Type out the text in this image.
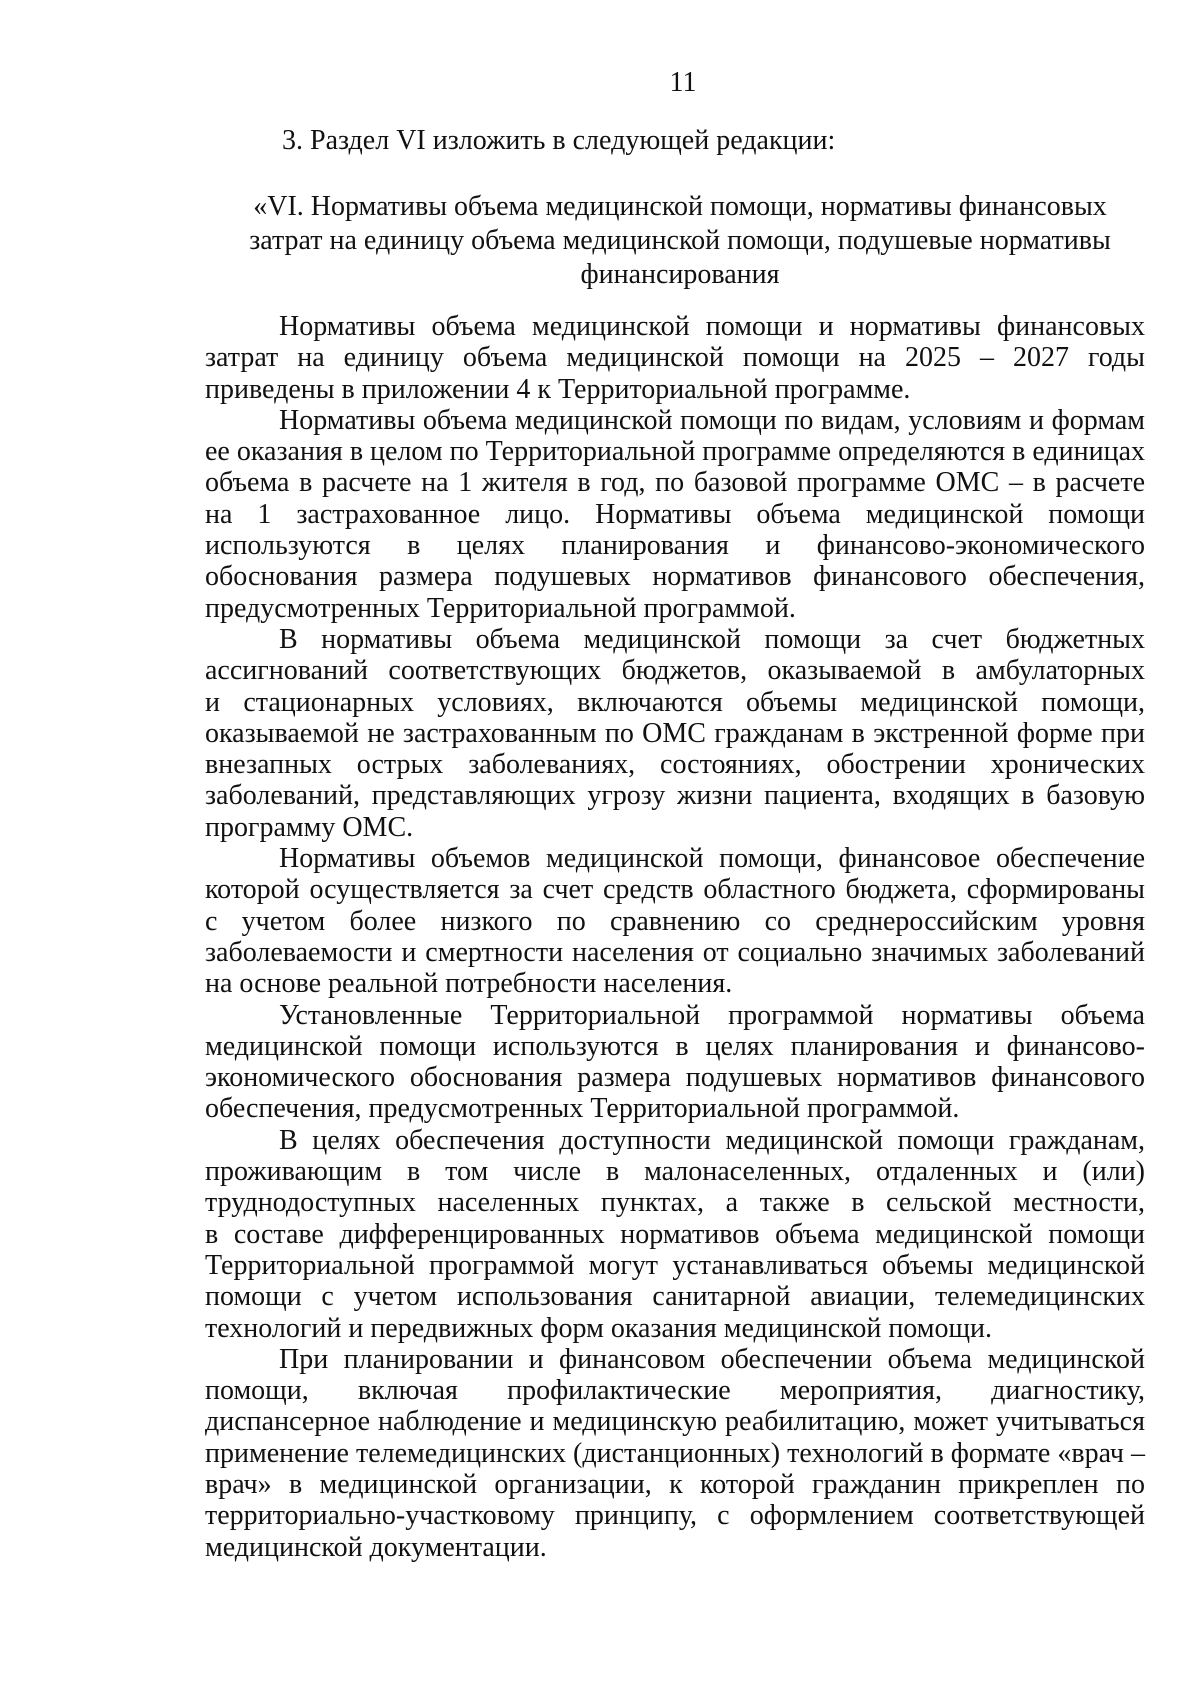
11
3. Раздел VI изложить в следующей редакции:
«VI. Нормативы объема медицинской помощи, нормативы финансовых
затрат на единицу объема медицинской помощи, подушевые нормативы
финансирования

Нормативы объема медицинской помощи и нормативы финансовых
затрат на единицу объема медицинской помощи на 2025 – 2027 годы
приведены в приложении 4 к Территориальной программе.

Нормативы объема медицинской помощи по видам, условиям и формам
ее оказания в целом по Территориальной программе определяются в единицах
объема в расчете на 1 жителя в год, по базовой программе ОМС – в расчете
на 1 застрахованное лицо. Нормативы объема медицинской помощи
используются в целях планирования и финансово-экономического
обоснования размера подушевых нормативов финансового обеспечения,
предусмотренных Территориальной программой.

В нормативы объема медицинской помощи за счет бюджетных
ассигнований соответствующих бюджетов, оказываемой в амбулаторных
и стационарных условиях, включаются объемы медицинской помощи,
оказываемой не застрахованным по ОМС гражданам в экстренной форме при
внезапных острых заболеваниях, состояниях, обострении хронических
заболеваний, представляющих угрозу жизни пациента, входящих в базовую
программу ОМС.

Нормативы объемов медицинской помощи, финансовое обеспечение
которой осуществляется за счет средств областного бюджета, сформированы
с учетом более низкого по сравнению со среднероссийским уровня
заболеваемости и смертности населения от социально значимых заболеваний
на основе реальной потребности населения.

Установленные Территориальной программой нормативы объема
медицинской помощи используются в целях планирования и финансово-
экономического обоснования размера подушевых нормативов финансового
обеспечения, предусмотренных Территориальной программой.

В целях обеспечения доступности медицинской помощи гражданам,
проживающим в том числе в малонаселенных, отдаленных и (или)
труднодоступных населенных пунктах, а также в сельской местности,
в составе дифференцированных нормативов объема медицинской помощи
Территориальной программой могут устанавливаться объемы медицинской
помощи с учетом использования санитарной авиации, телемедицинских
технологий и передвижных форм оказания медицинской помощи.

При планировании и финансовом обеспечении объема медицинской
помощи, включая профилактические мероприятия, диагностику,
диспансерное наблюдение и медицинскую реабилитацию, может учитываться
применение телемедицинских (дистанционных) технологий в формате «врач –
врач» в медицинской организации, к которой гражданин прикреплен по
территориально-участковому принципу, с оформлением соответствующей
медицинской документации.
